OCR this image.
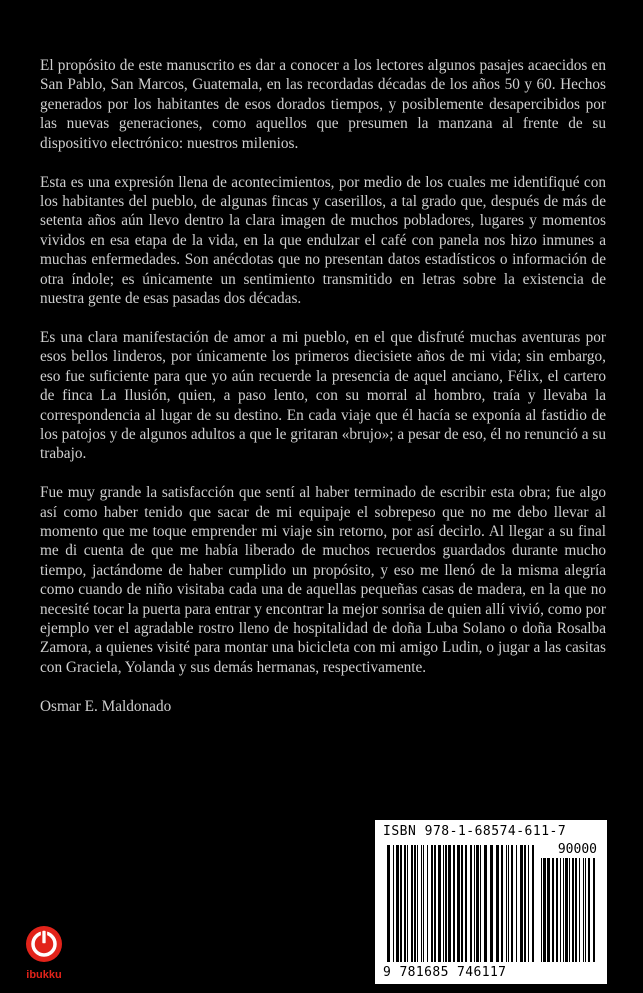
El propósito de este manuscrito es dar a conocer a los lectores algunos pasajes acaecidos en San Pablo, San Marcos, Guatemala, en las recordadas décadas de los años 50 y 60. Hechos generados por los habitantes de esos dorados tiempos, y posiblemente desapercibidos por las nuevas generaciones, como aquellos que presumen la manzana al frente de su dispositivo electrónico: nuestros milenios.

Esta es una expresión llena de acontecimientos, por medio de los cuales me identifiqué con los habitantes del pueblo, de algunas fincas y caserillos, a tal grado que, después de más de setenta años aún llevo dentro la clara imagen de muchos pobladores, lugares y momentos vividos en esa etapa de la vida, en la que endulzar el café con panela nos hizo inmunes a muchas enfermedades. Son anécdotas que no presentan datos estadísticos o información de otra índole; es únicamente un sentimiento transmitido en letras sobre la existencia de nuestra gente de esas pasadas dos décadas.

Es una clara manifestación de amor a mi pueblo, en el que disfruté muchas aventuras por esos bellos linderos, por únicamente los primeros diecisiete años de mi vida; sin embargo, eso fue suficiente para que yo aún recuerde la presencia de aquel anciano, Félix, el cartero de finca La Ilusión, quien, a paso lento, con su morral al hombro, traía y llevaba la correspondencia al lugar de su destino. En cada viaje que él hacía se exponía al fastidio de los patojos y de algunos adultos a que le gritaran «brujo»; a pesar de eso, él no renunció a su trabajo.

Fue muy grande la satisfacción que sentí al haber terminado de escribir esta obra; fue algo así como haber tenido que sacar de mi equipaje el sobrepeso que no me debo llevar al momento que me toque emprender mi viaje sin retorno, por así decirlo. Al llegar a su final me di cuenta de que me había liberado de muchos recuerdos guardados durante mucho tiempo, jactándome de haber cumplido un propósito, y eso me llenó de la misma alegría como cuando de niño visitaba cada una de aquellas pequeñas casas de madera, en la que no necesité tocar la puerta para entrar y encontrar la mejor sonrisa de quien allí vivió, como por ejemplo ver el agradable rostro lleno de hospitalidad de doña Luba Solano o doña Rosalba Zamora, a quienes visité para montar una bicicleta con mi amigo Ludin, o jugar a las casitas con Graciela, Yolanda y sus demás hermanas, respectivamente.

Osmar E. Maldonado

ISBN 978-1-68574-611-7
90000
9 781685 746117
ibukku
